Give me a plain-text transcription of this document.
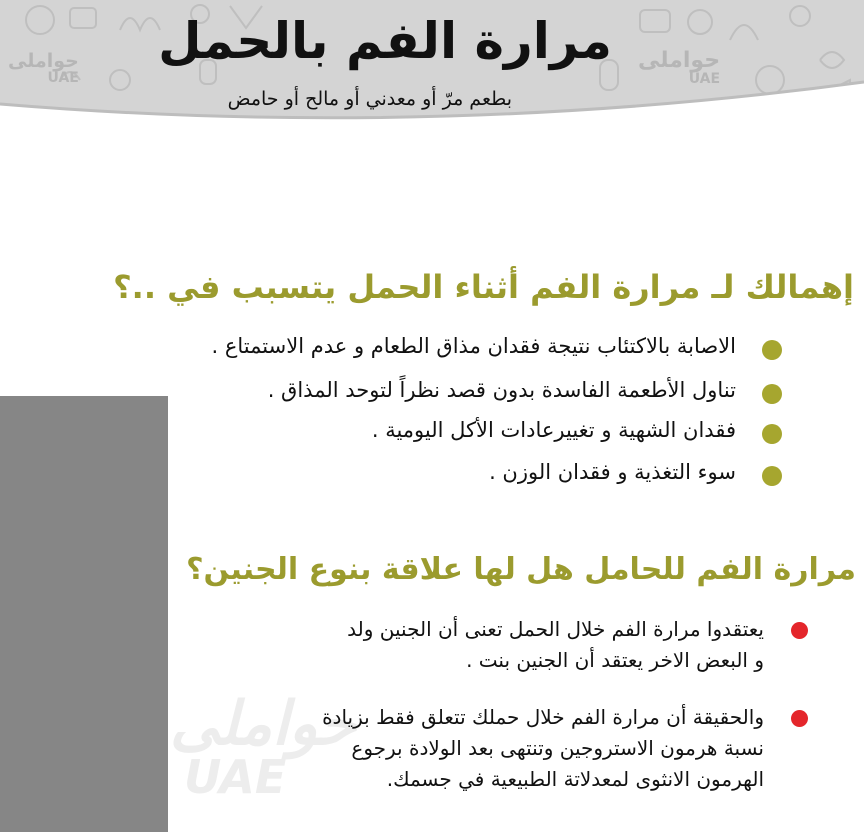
حواملى
UAE
حواملى
UAE
مرارة الفم بالحمل
بطعم مرّ أو معدني أو مالح أو حامض
إهمالك لـ مرارة الفم أثناء الحمل يتسبب في ..؟
الاصابة بالاكتئاب نتيجة فقدان مذاق الطعام و عدم الاستمتاع .
تناول الأطعمة الفاسدة بدون قصد نظراً لتوحد المذاق .
فقدان الشهية و تغييرعادات الأكل اليومية .
سوء التغذية و فقدان الوزن .
حواملى
UAE
مرارة الفم للحامل هل لها علاقة بنوع الجنين؟
يعتقدوا مرارة الفم خلال الحمل تعنى أن الجنين ولد
و البعض الاخر يعتقد أن الجنين بنت .
والحقيقة أن مرارة الفم خلال حملك تتعلق فقط بزيادة
نسبة هرمون الاستروجين وتنتهى بعد الولادة برجوع
الهرمون الانثوى لمعدلاتة الطبيعية في جسمك.
